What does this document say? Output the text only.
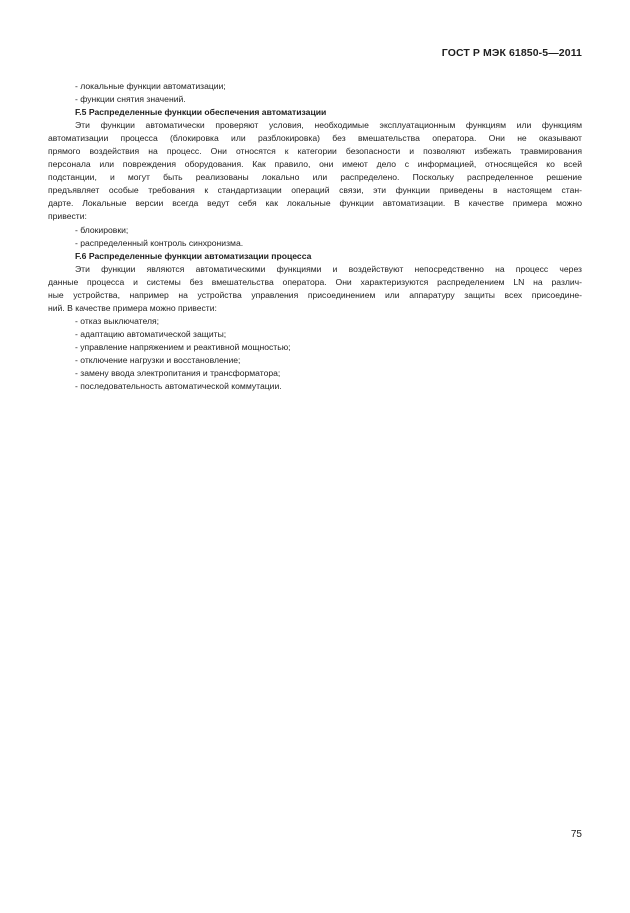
ГОСТ Р МЭК 61850-5—2011
- локальные функции автоматизации;
- функции снятия значений.
F.5 Распределенные функции обеспечения автоматизации
Эти функции автоматически проверяют условия, необходимые эксплуатационным функциям или функциям
автоматизации процесса (блокировка или разблокировка) без вмешательства оператора. Они не оказывают
прямого воздействия на процесс. Они относятся к категории безопасности и позволяют избежать травмирования
персонала или повреждения оборудования. Как правило, они имеют дело с информацией, относящейся ко всей
подстанции, и могут быть реализованы локально или распределено. Поскольку распределенное решение
предъявляет особые требования к стандартизации операций связи, эти функции приведены в настоящем стан-
дарте. Локальные версии всегда ведут себя как локальные функции автоматизации. В качестве примера можно
привести:
- блокировки;
- распределенный контроль синхронизма.
F.6 Распределенные функции автоматизации процесса
Эти функции являются автоматическими функциями и воздействуют непосредственно на процесс через
данные процесса и системы без вмешательства оператора. Они характеризуются распределением LN на различ-
ные устройства, например на устройства управления присоединением или аппаратуру защиты всех присоедине-
ний. В качестве примера можно привести:
- отказ выключателя;
- адаптацию автоматической защиты;
- управление напряжением и реактивной мощностью;
- отключение нагрузки и восстановление;
- замену ввода электропитания и трансформатора;
- последовательность автоматической коммутации.
75
